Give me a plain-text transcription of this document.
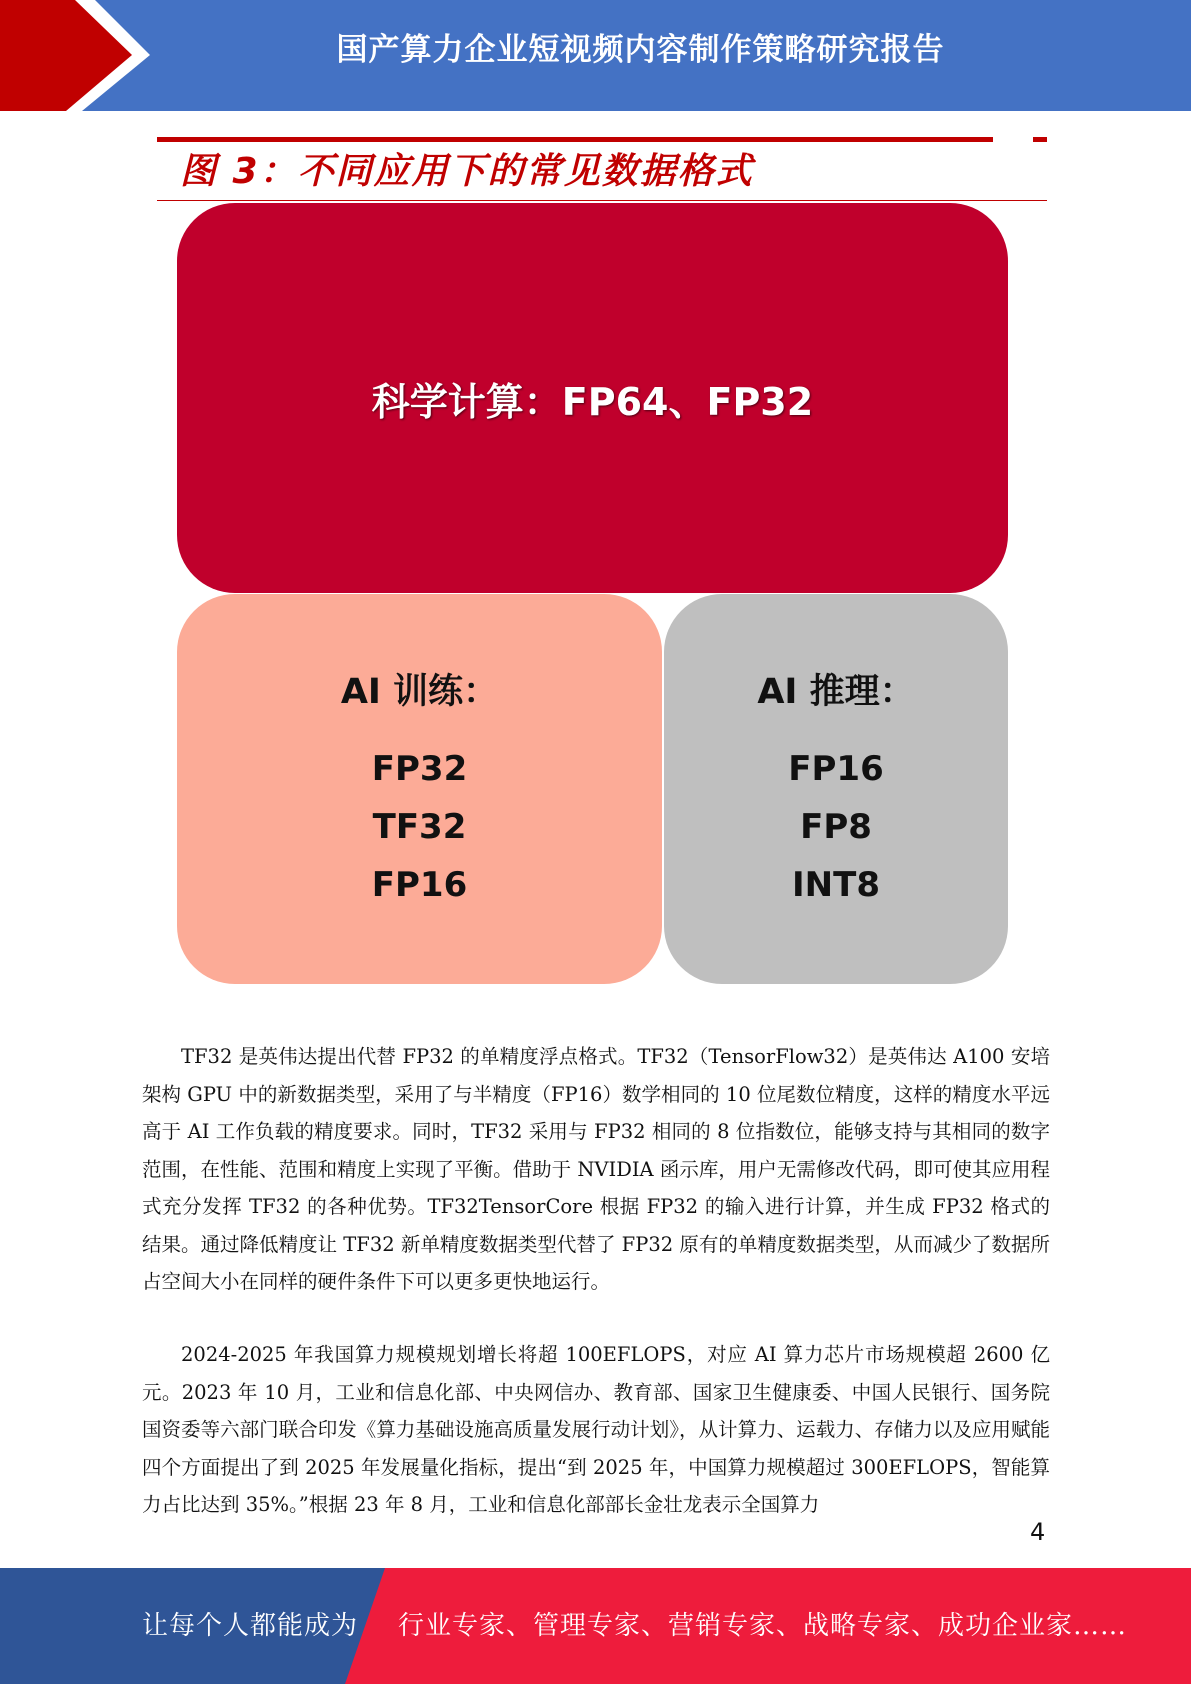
国产算力企业短视频内容制作策略研究报告
图 3：不同应用下的常见数据格式
科学计算：FP64、FP32
AI 训练：
FP32
TF32
FP16
AI 推理：
FP16
FP8
INT8

TF32 是英伟达提出代替 FP32 的单精度浮点格式。TF32（TensorFlow32）是英伟达 A100 安培架构 GPU 中的新数据类型，采用了与半精度（FP16）数学相同的 10 位尾数位精度，这样的精度水平远高于 AI 工作负载的精度要求。同时，TF32 采用与 FP32 相同的 8 位指数位，能够支持与其相同的数字范围，在性能、范围和精度上实现了平衡。借助于 NVIDIA 函示库，用户无需修改代码，即可使其应用程式充分发挥 TF32 的各种优势。TF32TensorCore 根据 FP32 的输入进行计算，并生成 FP32 格式的结果。通过降低精度让 TF32 新单精度数据类型代替了 FP32 原有的单精度数据类型，从而减少了数据所占空间大小在同样的硬件条件下可以更多更快地运行。

2024-2025 年我国算力规模规划增长将超 100EFLOPS，对应 AI 算力芯片市场规模超 2600 亿元。2023 年 10 月，工业和信息化部、中央网信办、教育部、国家卫生健康委、中国人民银行、国务院国资委等六部门联合印发《算力基础设施高质量发展行动计划》，从计算力、运载力、存储力以及应用赋能四个方面提出了到 2025 年发展量化指标，提出“到 2025 年，中国算力规模超过 300EFLOPS，智能算力占比达到 35%。”根据 23 年 8 月，工业和信息化部部长金壮龙表示全国算力

4
让每个人都能成为 行业专家、管理专家、营销专家、战略专家、成功企业家……
